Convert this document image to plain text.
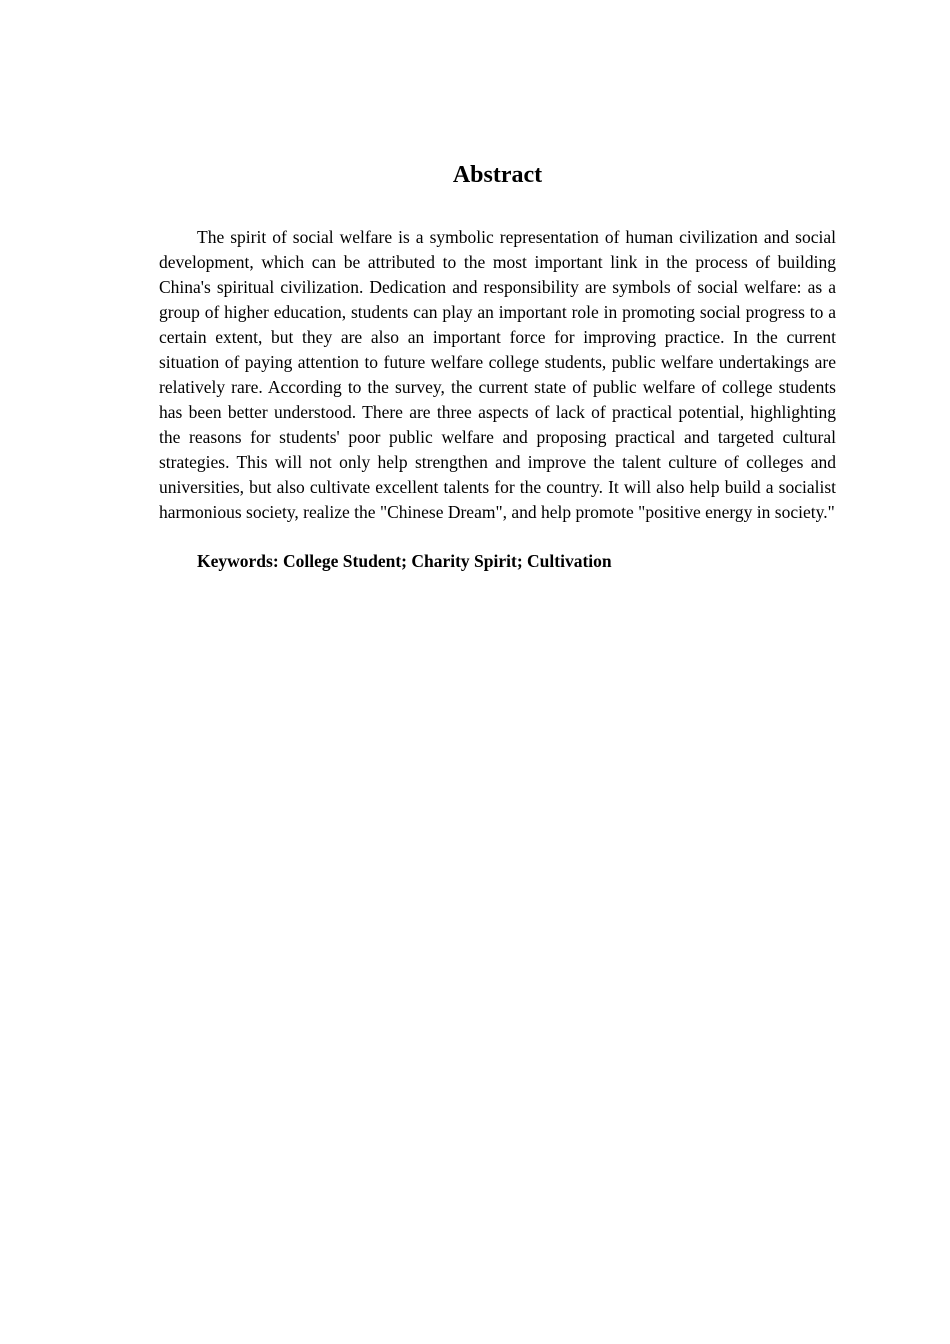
Abstract

The spirit of social welfare is a symbolic representation of human civilization and social development, which can be attributed to the most important link in the process of building China's spiritual civilization. Dedication and responsibility are symbols of social welfare: as a group of higher education, students can play an important role in promoting social progress to a certain extent, but they are also an important force for improving practice. In the current situation of paying attention to future welfare college students, public welfare undertakings are relatively rare. According to the survey, the current state of public welfare of college students has been better understood. There are three aspects of lack of practical potential, highlighting the reasons for students' poor public welfare and proposing practical and targeted cultural strategies. This will not only help strengthen and improve the talent culture of colleges and universities, but also cultivate excellent talents for the country. It will also help build a socialist harmonious society, realize the "Chinese Dream", and help promote "positive energy in society."

Keywords: College Student; Charity Spirit; Cultivation
